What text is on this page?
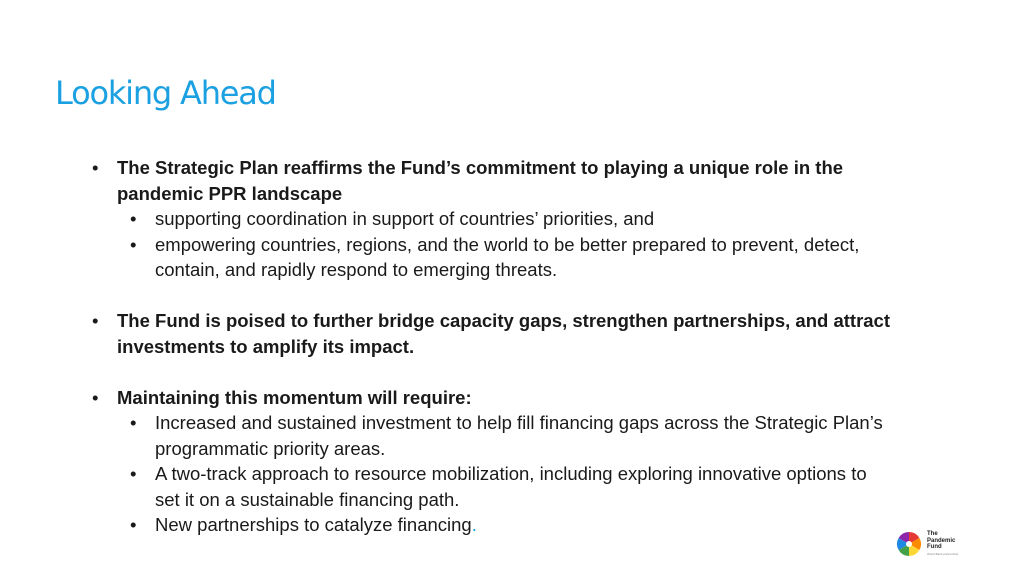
Looking Ahead
• The Strategic Plan reaffirms the Fund’s commitment to playing a unique role in the pandemic PPR landscape
• supporting coordination in support of countries’ priorities, and
• empowering countries, regions, and the world to be better prepared to prevent, detect, contain, and rapidly respond to emerging threats.
• The Fund is poised to further bridge capacity gaps, strengthen partnerships, and attract investments to amplify its impact.
• Maintaining this momentum will require:
• Increased and sustained investment to help fill financing gaps across the Strategic Plan’s programmatic priority areas.
• A two-track approach to resource mobilization, including exploring innovative options to set it on a sustainable financing path.
• New partnerships to catalyze financing.	The
Pandemic
Fund
World Bank partnership
